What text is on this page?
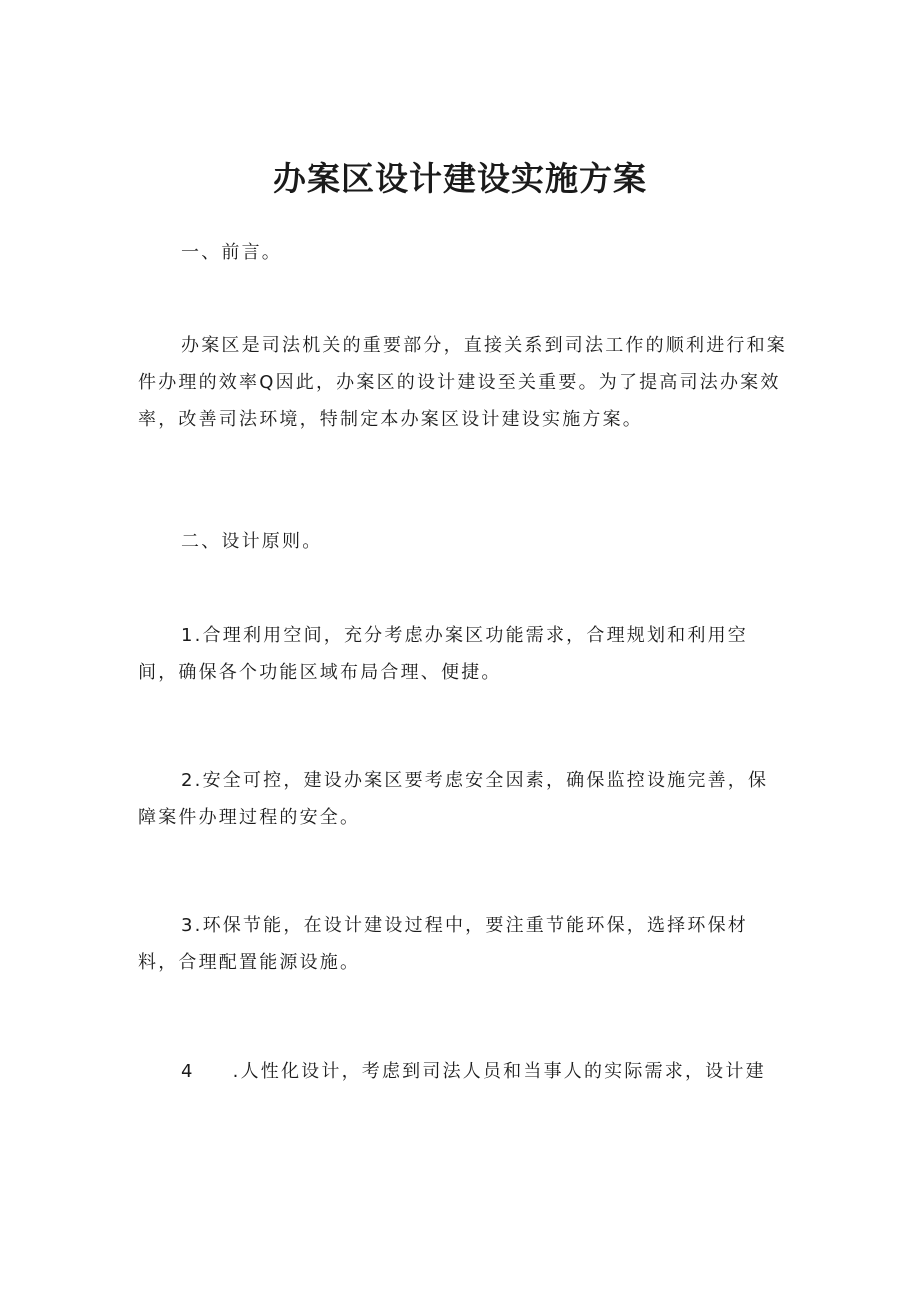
办案区设计建设实施方案

一、前言。

办案区是司法机关的重要部分，直接关系到司法工作的顺利进行和案件办理的效率Q因此，办案区的设计建设至关重要。为了提高司法办案效率，改善司法环境，特制定本办案区设计建设实施方案。

二、设计原则。

1.合理利用空间，充分考虑办案区功能需求，合理规划和利用空间，确保各个功能区域布局合理、便捷。

2.安全可控，建设办案区要考虑安全因素，确保监控设施完善，保障案件办理过程的安全。

3.环保节能，在设计建设过程中，要注重节能环保，选择环保材料，合理配置能源设施。

4 .人性化设计，考虑到司法人员和当事人的实际需求，设计建
